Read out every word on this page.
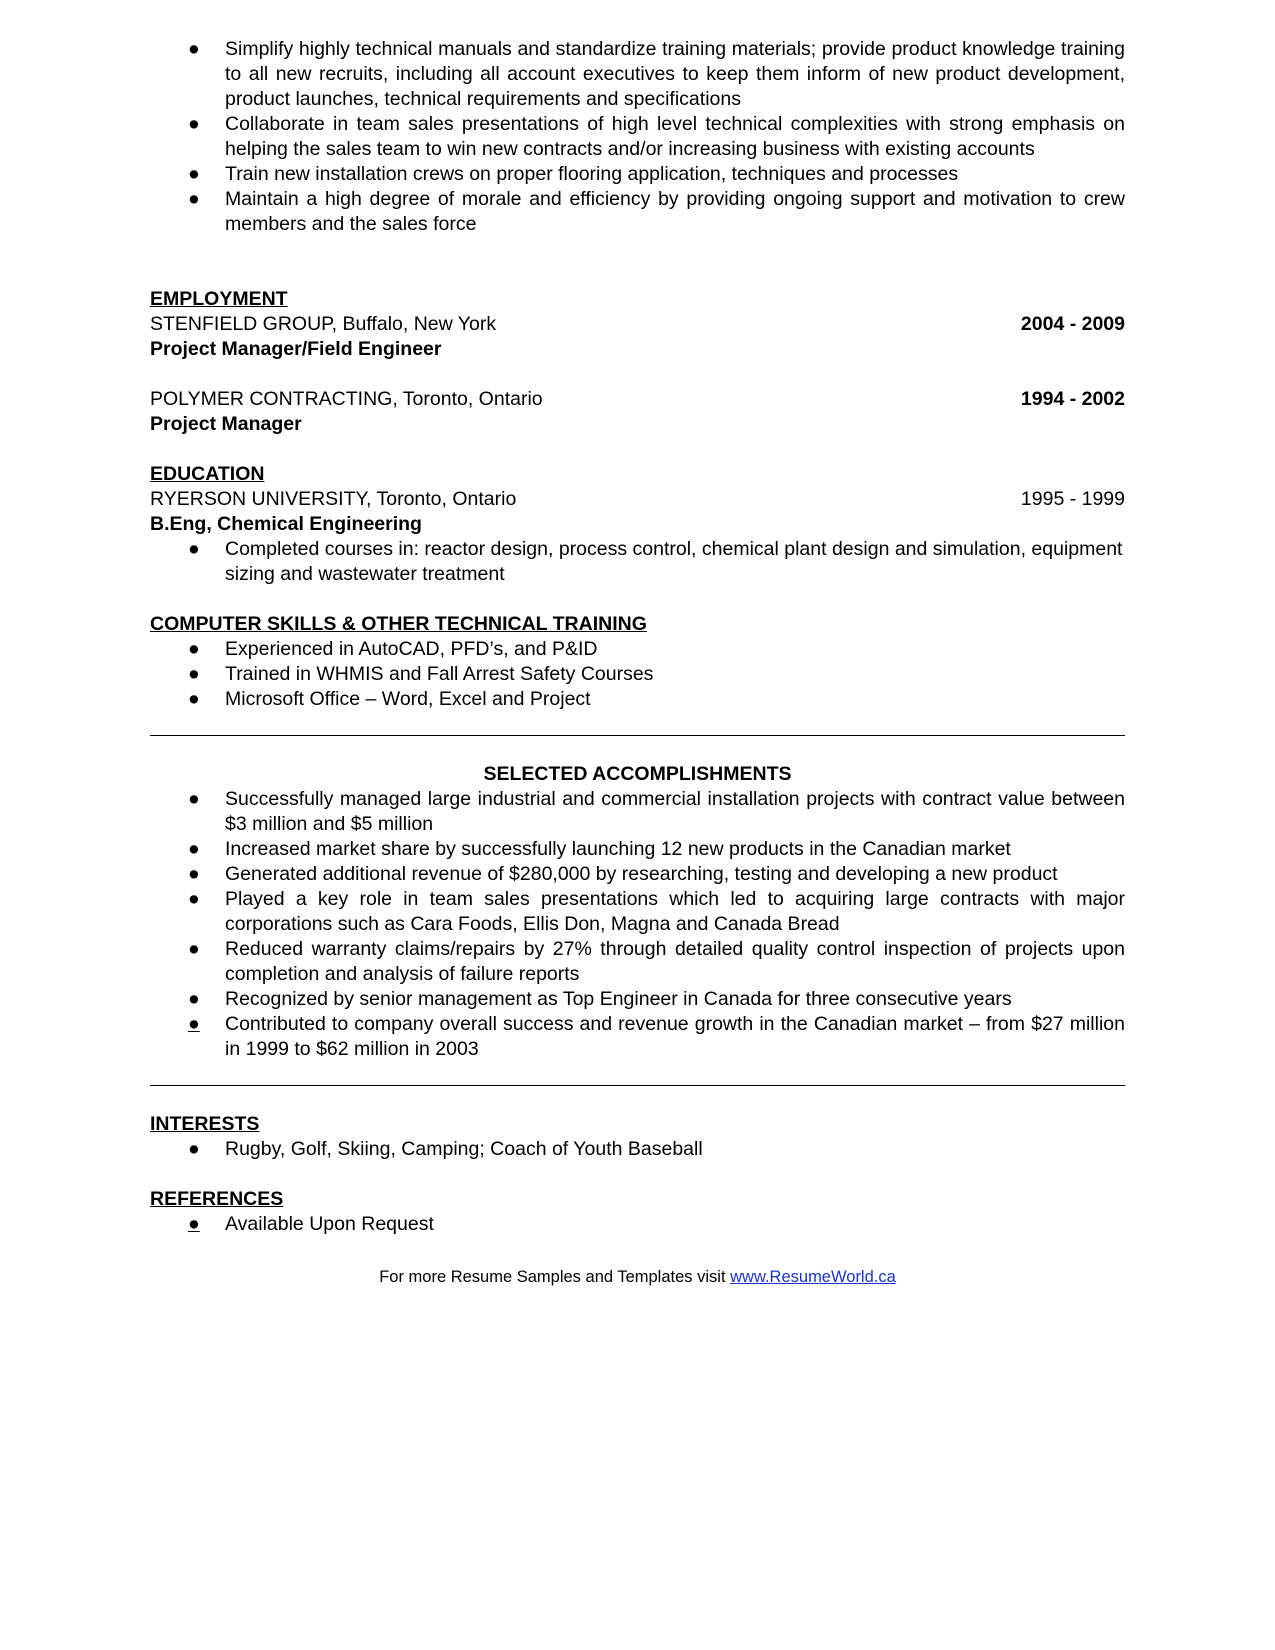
●	Simplify highly technical manuals and standardize training materials; provide product knowledge training to all new recruits, including all account executives to keep them inform of new product development, product launches, technical requirements and specifications
●	Collaborate in team sales presentations of high level technical complexities with strong emphasis on helping the sales team to win new contracts and/or increasing business with existing accounts
●	Train new installation crews on proper flooring application, techniques and processes
●	Maintain a high degree of morale and efficiency by providing ongoing support and motivation to crew members and the sales force
EMPLOYMENT
STENFIELD GROUP, Buffalo, New York	2004 - 2009
Project Manager/Field Engineer
POLYMER CONTRACTING, Toronto, Ontario	1994 - 2002
Project Manager
EDUCATION
RYERSON UNIVERSITY, Toronto, Ontario	1995 - 1999
B.Eng, Chemical Engineering
●	Completed courses in: reactor design, process control, chemical plant design and simulation, equipment sizing and wastewater treatment
COMPUTER SKILLS & OTHER TECHNICAL TRAINING
●	Experienced in AutoCAD, PFD’s, and P&ID
●	Trained in WHMIS and Fall Arrest Safety Courses
●	Microsoft Office – Word, Excel and Project
SELECTED ACCOMPLISHMENTS
●	Successfully managed large industrial and commercial installation projects with contract value between $3 million and $5 million
●	Increased market share by successfully launching 12 new products in the Canadian market
●	Generated additional revenue of $280,000 by researching, testing and developing a new product
●	Played a key role in team sales presentations which led to acquiring large contracts with major corporations such as Cara Foods, Ellis Don, Magna and Canada Bread
●	Reduced warranty claims/repairs by 27% through detailed quality control inspection of projects upon completion and analysis of failure reports
●	Recognized by senior management as Top Engineer in Canada for three consecutive years
●	Contributed to company overall success and revenue growth in the Canadian market – from $27 million in 1999 to $62 million in 2003
INTERESTS
●	Rugby, Golf, Skiing, Camping; Coach of Youth Baseball
REFERENCES
●	Available Upon Request
For more Resume Samples and Templates visit www.ResumeWorld.ca
